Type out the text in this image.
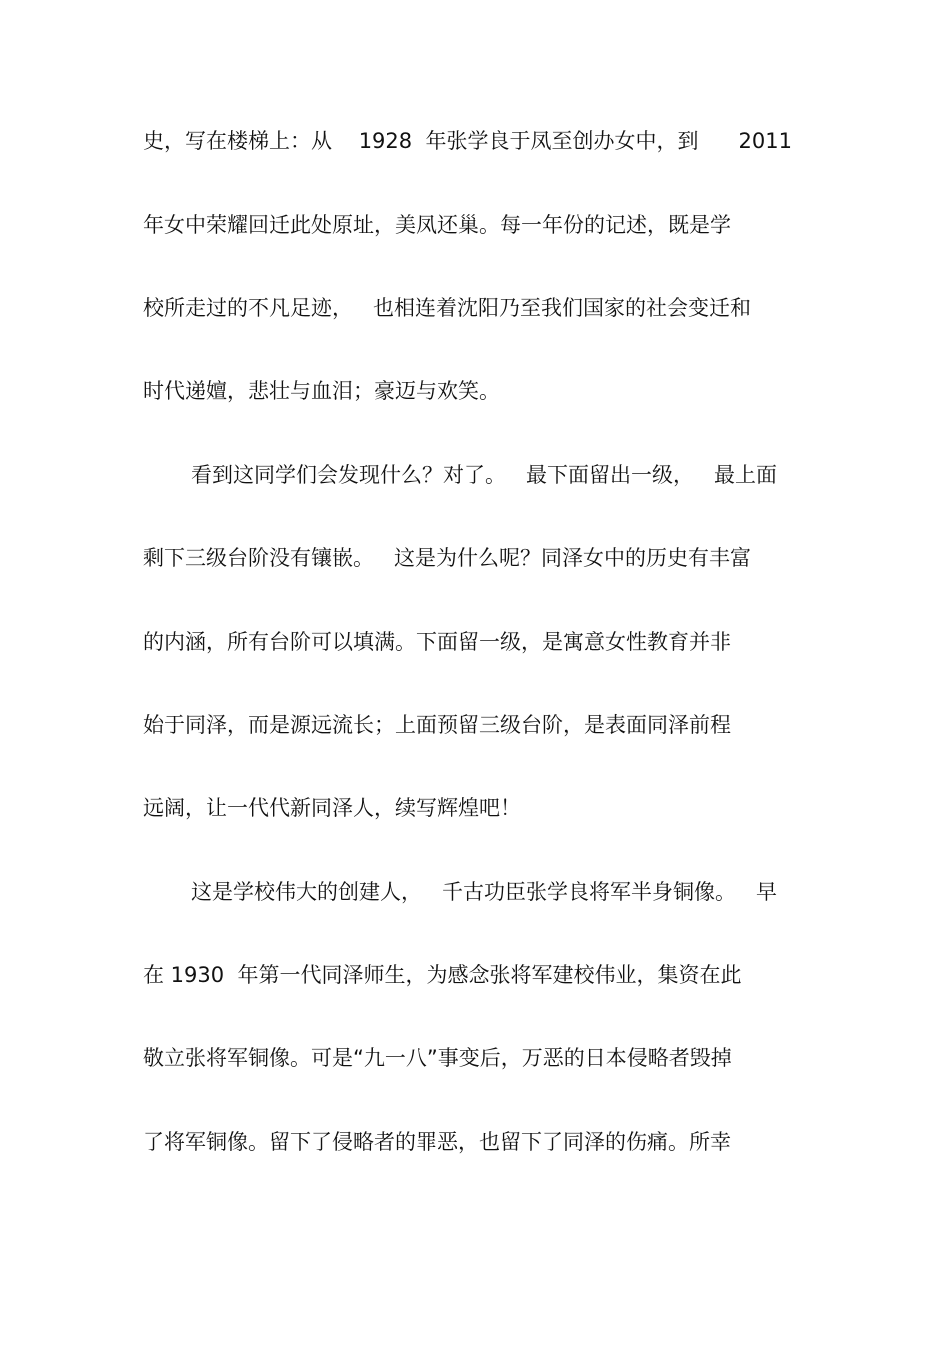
史，写在楼梯上：从    1928  年张学良于凤至创办女中，到      2011
年女中荣耀回迁此处原址，美凤还巢。每一年份的记述，既是学
校所走过的不凡足迹，   也相连着沈阳乃至我们国家的社会变迁和
时代递嬗，悲壮与血泪；豪迈与欢笑。
看到这同学们会发现什么？对了。   最下面留出一级，   最上面
剩下三级台阶没有镶嵌。   这是为什么呢？同泽女中的历史有丰富
的内涵，所有台阶可以填满。下面留一级，是寓意女性教育并非
始于同泽，而是源远流长；上面预留三级台阶，是表面同泽前程
远阔，让一代代新同泽人，续写辉煌吧！
这是学校伟大的创建人，   千古功臣张学良将军半身铜像。   早
在 1930  年第一代同泽师生，为感念张将军建校伟业，集资在此
敬立张将军铜像。可是“九一八”事变后，万恶的日本侵略者毁掉
了将军铜像。留下了侵略者的罪恶，也留下了同泽的伤痛。所幸
